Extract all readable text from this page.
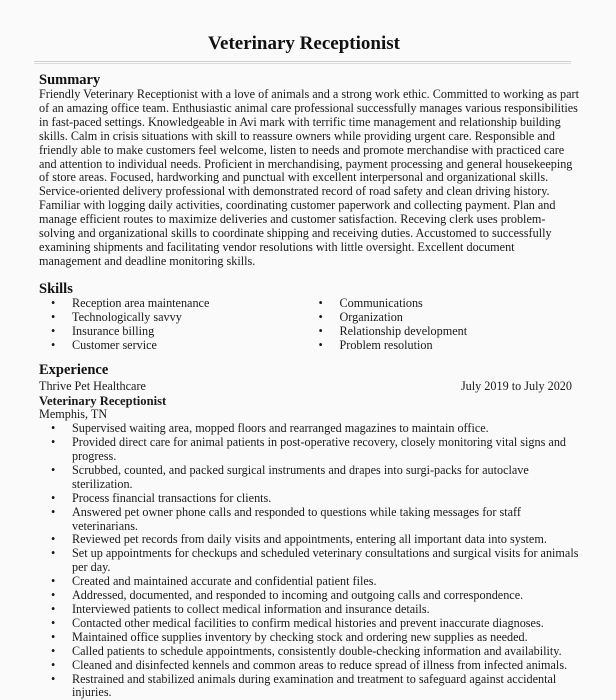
Veterinary Receptionist
Summary

Friendly Veterinary Receptionist with a love of animals and a strong work ethic. Committed to working as part of an amazing office team. Enthusiastic animal care professional successfully manages various responsibilities in fast-paced settings. Knowledgeable in Avi mark with terrific time management and relationship building skills. Calm in crisis situations with skill to reassure owners while providing urgent care. Responsible and friendly able to make customers feel welcome, listen to needs and promote merchandise with practiced care and attention to individual needs. Proficient in merchandising, payment processing and general housekeeping of store areas. Focused, hardworking and punctual with excellent interpersonal and organizational skills. Service-oriented delivery professional with demonstrated record of road safety and clean driving history. Familiar with logging daily activities, coordinating customer paperwork and collecting payment. Plan and manage efficient routes to maximize deliveries and customer satisfaction. Receving clerk uses problem-solving and organizational skills to coordinate shipping and receiving duties. Accustomed to successfully examining shipments and facilitating vendor resolutions with little oversight. Excellent document management and deadline monitoring skills.

Skills
• Reception area maintenance
• Technologically savvy
• Insurance billing
• Customer service
• Communications
• Organization
• Relationship development
• Problem resolution
Experience
Thrive Pet Healthcare	July 2019 to July 2020
Veterinary Receptionist
Memphis, TN
• Supervised waiting area, mopped floors and rearranged magazines to maintain office.
• Provided direct care for animal patients in post-operative recovery, closely monitoring vital signs and progress.
• Scrubbed, counted, and packed surgical instruments and drapes into surgi-packs for autoclave sterilization.
• Process financial transactions for clients.
• Answered pet owner phone calls and responded to questions while taking messages for staff veterinarians.
• Reviewed pet records from daily visits and appointments, entering all important data into system.
• Set up appointments for checkups and scheduled veterinary consultations and surgical visits for animals per day.
• Created and maintained accurate and confidential patient files.
• Addressed, documented, and responded to incoming and outgoing calls and correspondence.
• Interviewed patients to collect medical information and insurance details.
• Contacted other medical facilities to confirm medical histories and prevent inaccurate diagnoses.
• Maintained office supplies inventory by checking stock and ordering new supplies as needed.
• Called patients to schedule appointments, consistently double-checking information and availability.
• Cleaned and disinfected kennels and common areas to reduce spread of illness from infected animals.
• Restrained and stabilized animals during examination and treatment to safeguard against accidental injuries.
